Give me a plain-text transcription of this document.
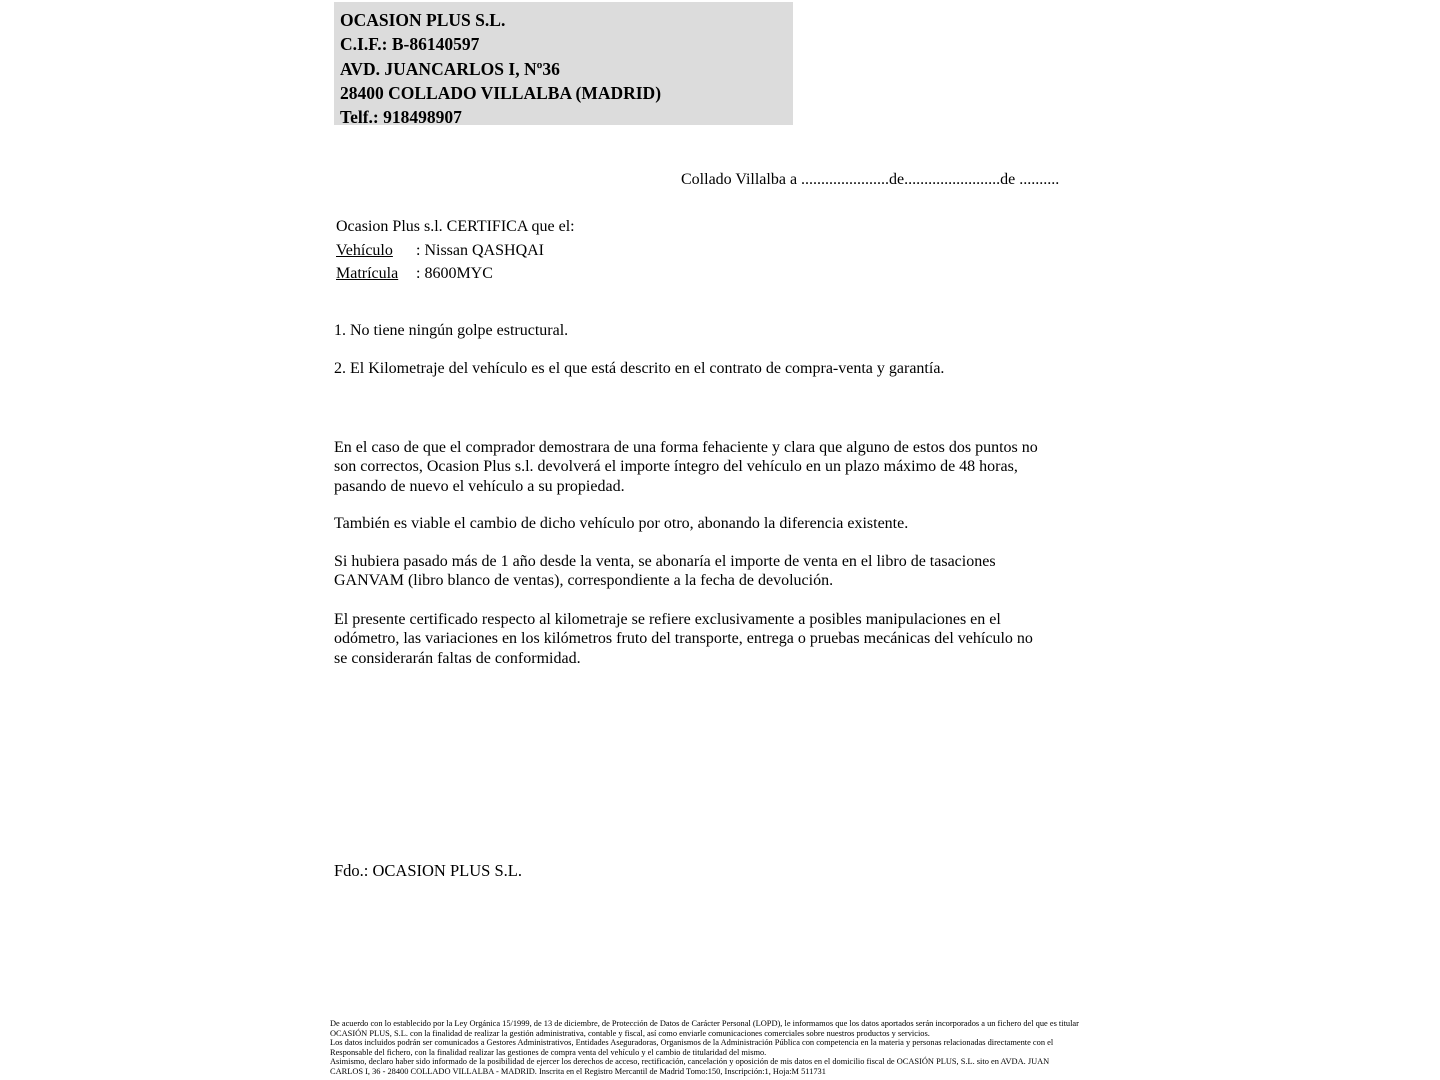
OCASION PLUS S.L.
C.I.F.: B-86140597
AVD. JUANCARLOS I, Nº36
28400 COLLADO VILLALBA (MADRID)
Telf.: 918498907
Collado Villalba a ......................de........................de ..........
Ocasion Plus s.l. CERTIFICA que el:
Vehículo : Nissan QASHQAI
Matrícula : 8600MYC
1. No tiene ningún golpe estructural.
2. El Kilometraje del vehículo es el que está descrito en el contrato de compra-venta y garantía.
En el caso de que el comprador demostrara de una forma fehaciente y clara que alguno de estos dos puntos no
son correctos, Ocasion Plus s.l. devolverá el importe íntegro del vehículo en un plazo máximo de 48 horas,
pasando de nuevo el vehículo a su propiedad.
También es viable el cambio de dicho vehículo por otro, abonando la diferencia existente.
Si hubiera pasado más de 1 año desde la venta, se abonaría el importe de venta en el libro de tasaciones
GANVAM (libro blanco de ventas), correspondiente a la fecha de devolución.
El presente certificado respecto al kilometraje se refiere exclusivamente a posibles manipulaciones en el
odómetro, las variaciones en los kilómetros fruto del transporte, entrega o pruebas mecánicas del vehículo no
se considerarán faltas de conformidad.
Fdo.: OCASION PLUS S.L.
De acuerdo con lo establecido por la Ley Orgánica 15/1999, de 13 de diciembre, de Protección de Datos de Carácter Personal (LOPD), le informamos que los datos aportados serán incorporados a un fichero del que es titular
OCASIÓN PLUS, S.L. con la finalidad de realizar la gestión administrativa, contable y fiscal, así como enviarle comunicaciones comerciales sobre nuestros productos y servicios.
Los datos incluidos podrán ser comunicados a Gestores Administrativos, Entidades Aseguradoras, Organismos de la Administración Pública con competencia en la materia y personas relacionadas directamente con el
Responsable del fichero, con la finalidad realizar las gestiones de compra venta del vehículo y el cambio de titularidad del mismo.
Asimismo, declaro haber sido informado de la posibilidad de ejercer los derechos de acceso, rectificación, cancelación y oposición de mis datos en el domicilio fiscal de OCASIÓN PLUS, S.L. sito en AVDA. JUAN
CARLOS I, 36 - 28400 COLLADO VILLALBA - MADRID. Inscrita en el Registro Mercantil de Madrid Tomo:150, Inscripción:1, Hoja:M 511731
